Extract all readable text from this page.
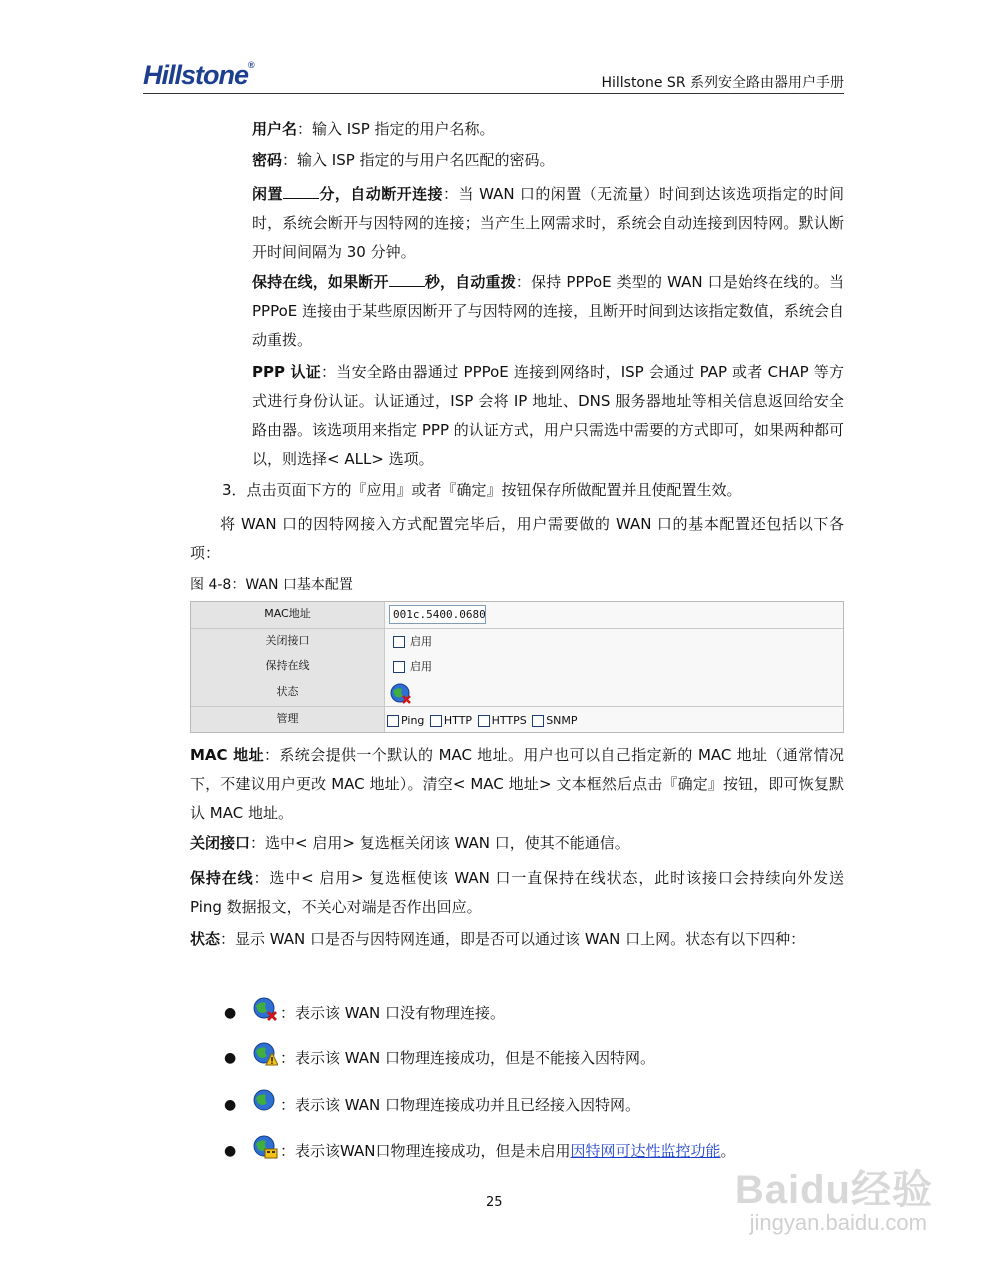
Hillstone®
Hillstone SR 系列安全路由器用户手册
用户名：输入 ISP 指定的用户名称。
密码：输入 ISP 指定的与用户名匹配的密码。
闲置 分，自动断开连接：当 WAN 口的闲置（无流量）时间到达该选项指定的时间时，系统会断开与因特网的连接；当产生上网需求时，系统会自动连接到因特网。默认断开时间间隔为 30 分钟。
保持在线，如果断开 秒，自动重拨：保持 PPPoE 类型的 WAN 口是始终在线的。当 PPPoE 连接由于某些原因断开了与因特网的连接，且断开时间到达该指定数值，系统会自动重拨。
PPP 认证：当安全路由器通过 PPPoE 连接到网络时，ISP 会通过 PAP 或者 CHAP 等方式进行身份认证。认证通过，ISP 会将 IP 地址、DNS 服务器地址等相关信息返回给安全路由器。该选项用来指定 PPP 的认证方式，用户只需选中需要的方式即可，如果两种都可以，则选择< ALL> 选项。
3．点击页面下方的『应用』或者『确定』按钮保存所做配置并且使配置生效。
将 WAN 口的因特网接入方式配置完毕后，用户需要做的 WAN 口的基本配置还包括以下各项：
图 4-8：WAN 口基本配置
MAC地址	001c.5400.0680
关闭接口	启用
保持在线	启用
状态
管理	Ping HTTP HTTPS SNMP
MAC 地址：系统会提供一个默认的 MAC 地址。用户也可以自己指定新的 MAC 地址（通常情况下，不建议用户更改 MAC 地址）。清空< MAC 地址> 文本框然后点击『确定』按钮，即可恢复默认 MAC 地址。
关闭接口：选中< 启用> 复选框关闭该 WAN 口，使其不能通信。
保持在线：选中< 启用> 复选框使该 WAN 口一直保持在线状态，此时该接口会持续向外发送 Ping 数据报文，不关心对端是否作出回应。
状态：显示 WAN 口是否与因特网连通，即是否可以通过该 WAN 口上网。状态有以下四种：
●	：表示该 WAN 口没有物理连接。
●	：表示该 WAN 口物理连接成功，但是不能接入因特网。
●	：表示该 WAN 口物理连接成功并且已经接入因特网。
●	：表示该WAN口物理连接成功，但是未启用因特网可达性监控功能。
25	Baidu经验
jingyan.baidu.com
